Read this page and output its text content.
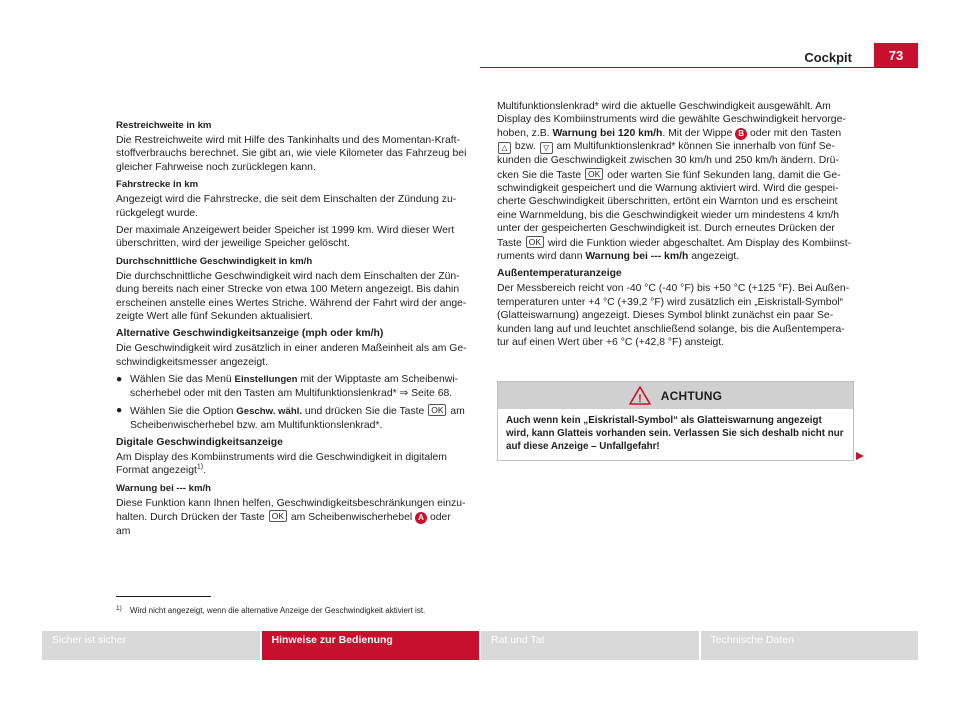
Cockpit	73
Restreichweite in km

Die Restreichweite wird mit Hilfe des Tankinhalts und des Momentan-Kraftstoffverbrauchs berechnet. Sie gibt an, wie viele Kilometer das Fahrzeug bei gleicher Fahrweise noch zurücklegen kann.

Fahrstrecke in km

Angezeigt wird die Fahrstrecke, die seit dem Einschalten der Zündung zurückgelegt wurde.

Der maximale Anzeigewert beider Speicher ist 1999 km. Wird dieser Wert überschritten, wird der jeweilige Speicher gelöscht.

Durchschnittliche Geschwindigkeit in km/h

Die durchschnittliche Geschwindigkeit wird nach dem Einschalten der Zündung bereits nach einer Strecke von etwa 100 Metern angezeigt. Bis dahin erscheinen anstelle eines Wertes Striche. Während der Fahrt wird der angezeigte Wert alle fünf Sekunden aktualisiert.

Alternative Geschwindigkeitsanzeige (mph oder km/h)

Die Geschwindigkeit wird zusätzlich in einer anderen Maßeinheit als am Geschwindigkeitsmesser angezeigt.

● Wählen Sie das Menü Einstellungen mit der Wipptaste am Scheibenwischerhebel oder mit den Tasten am Multifunktionslenkrad* ⇒ Seite 68.

● Wählen Sie die Option Geschw. wähl. und drücken Sie die Taste OK am Scheibenwischerhebel bzw. am Multifunktionslenkrad*.

Digitale Geschwindigkeitsanzeige

Am Display des Kombiinstruments wird die Geschwindigkeit in digitalem Format angezeigt$^{1)}$.

Warnung bei --- km/h

Diese Funktion kann Ihnen helfen, Geschwindigkeitsbeschränkungen einzuhalten. Durch Drücken der Taste OK am Scheibenwischerhebel A oder am

Multifunktionslenkrad* wird die aktuelle Geschwindigkeit ausgewählt. Am Display des Kombiinstruments wird die gewählte Geschwindigkeit hervorgehoben, z.B. Warnung bei 120 km/h. Mit der Wippe B oder mit den Tasten △ bzw. ▽ am Multifunktionslenkrad* können Sie innerhalb von fünf Sekunden die Geschwindigkeit zwischen 30 km/h und 250 km/h ändern. Drücken Sie die Taste OK oder warten Sie fünf Sekunden lang, damit die Geschwindigkeit gespeichert und die Warnung aktiviert wird. Wird die gespeicherte Geschwindigkeit überschritten, ertönt ein Warnton und es erscheint eine Warnmeldung, bis die Geschwindigkeit wieder um mindestens 4 km/h unter der gespeicherten Geschwindigkeit ist. Durch erneutes Drücken der Taste OK wird die Funktion wieder abgeschaltet. Am Display des Kombiinstruments wird dann Warnung bei --- km/h angezeigt.

Außentemperaturanzeige

Der Messbereich reicht von -40 °C (-40 °F) bis +50 °C (+125 °F). Bei Außentemperaturen unter +4 °C (+39,2 °F) wird zusätzlich ein „Eiskristall-Symbol“ (Glatteiswarnung) angezeigt. Dieses Symbol blinkt zunächst ein paar Sekunden lang auf und leuchtet anschließend solange, bis die Außentemperatur auf einen Wert über +6 °C (+42,8 °F) ansteigt.

! ACHTUNG
Auch wenn kein „Eiskristall-Symbol“ als Glatteiswarnung angezeigt wird, kann Glatteis vorhanden sein. Verlassen Sie sich deshalb nicht nur auf diese Anzeige – Unfallgefahr!
1) Wird nicht angezeigt, wenn die alternative Anzeige der Geschwindigkeit aktiviert ist.
Sicher ist sicher	Hinweise zur Bedienung	Rat und Tat	Technische Daten
